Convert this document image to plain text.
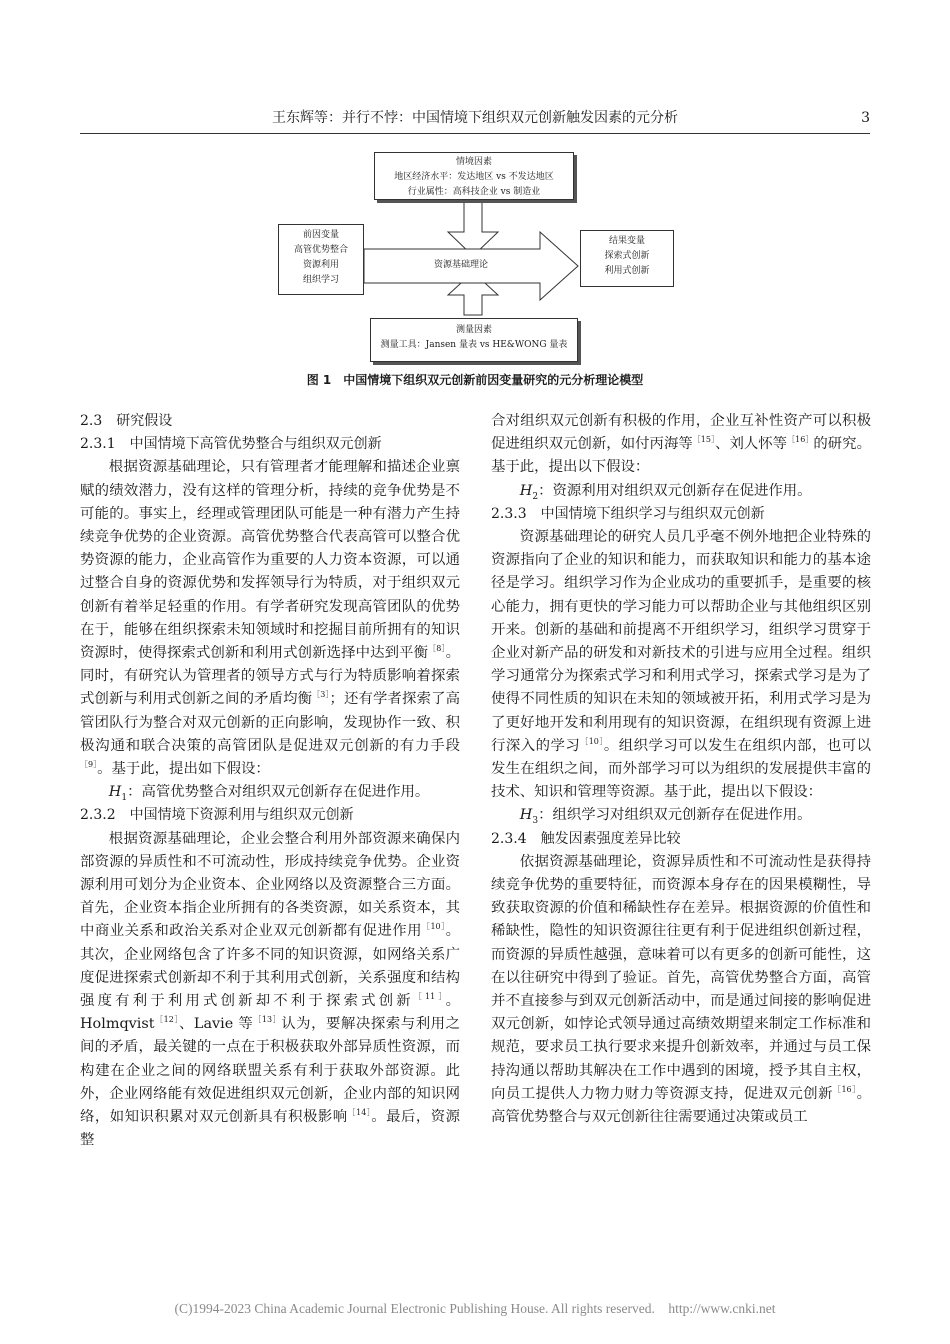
王东辉等：并行不悖：中国情境下组织双元创新触发因素的元分析	3
情境因素
地区经济水平：发达地区 vs 不发达地区
行业属性：高科技企业 vs 制造业
前因变量
高管优势整合
资源利用
组织学习
资源基础理论
结果变量
探索式创新
利用式创新
测量因素
测量工具：Jansen 量表 vs HE&WONG 量表
图 1　中国情境下组织双元创新前因变量研究的元分析理论模型

2.3　研究假设

2.3.1　中国情境下高管优势整合与组织双元创新

根据资源基础理论，只有管理者才能理解和描述企业禀赋的绩效潜力，没有这样的管理分析，持续的竞争优势是不可能的。事实上，经理或管理团队可能是一种有潜力产生持续竞争优势的企业资源。高管优势整合代表高管可以整合优势资源的能力，企业高管作为重要的人力资本资源，可以通过整合自身的资源优势和发挥领导行为特质，对于组织双元创新有着举足轻重的作用。有学者研究发现高管团队的优势在于，能够在组织探索未知领域时和挖掘目前所拥有的知识资源时，使得探索式创新和利用式创新选择中达到平衡$^{[8]}$。同时，有研究认为管理者的领导方式与行为特质影响着探索式创新与利用式创新之间的矛盾均衡$^{[3]}$；还有学者探索了高管团队行为整合对双元创新的正向影响，发现协作一致、积极沟通和联合决策的高管团队是促进双元创新的有力手段$^{[9]}$。基于此，提出如下假设：

$H_1$：高管优势整合对组织双元创新存在促进作用。

2.3.2　中国情境下资源利用与组织双元创新

根据资源基础理论，企业会整合利用外部资源来确保内部资源的异质性和不可流动性，形成持续竞争优势。企业资源利用可划分为企业资本、企业网络以及资源整合三方面。首先，企业资本指企业所拥有的各类资源，如关系资本，其中商业关系和政治关系对企业双元创新都有促进作用$^{[10]}$。其次，企业网络包含了许多不同的知识资源，如网络关系广度促进探索式创新却不利于其利用式创新，关系强度和结构强度有利于利用式创新却不利于探索式创新$^{[11]}$。Holmqvist$^{[12]}$、Lavie 等$^{[13]}$认为，要解决探索与利用之间的矛盾，最关键的一点在于积极获取外部异质性资源，而构建在企业之间的网络联盟关系有利于获取外部资源。此外，企业网络能有效促进组织双元创新，企业内部的知识网络，如知识积累对双元创新具有积极影响$^{[14]}$。最后，资源整

合对组织双元创新有积极的作用，企业互补性资产可以积极促进组织双元创新，如付丙海等$^{[15]}$、刘人怀等$^{[16]}$的研究。基于此，提出以下假设：

$H_2$：资源利用对组织双元创新存在促进作用。

2.3.3　中国情境下组织学习与组织双元创新

资源基础理论的研究人员几乎毫不例外地把企业特殊的资源指向了企业的知识和能力，而获取知识和能力的基本途径是学习。组织学习作为企业成功的重要抓手，是重要的核心能力，拥有更快的学习能力可以帮助企业与其他组织区别开来。创新的基础和前提离不开组织学习，组织学习贯穿于企业对新产品的研发和对新技术的引进与应用全过程。组织学习通常分为探索式学习和利用式学习，探索式学习是为了使得不同性质的知识在未知的领域被开拓，利用式学习是为了更好地开发和利用现有的知识资源，在组织现有资源上进行深入的学习$^{[10]}$。组织学习可以发生在组织内部，也可以发生在组织之间，而外部学习可以为组织的发展提供丰富的技术、知识和管理等资源。基于此，提出以下假设：

$H_3$：组织学习对组织双元创新存在促进作用。

2.3.4　触发因素强度差异比较

依据资源基础理论，资源异质性和不可流动性是获得持续竞争优势的重要特征，而资源本身存在的因果模糊性，导致获取资源的价值和稀缺性存在差异。根据资源的价值性和稀缺性，隐性的知识资源往往更有利于促进组织创新过程，而资源的异质性越强，意味着可以有更多的创新可能性，这在以往研究中得到了验证。首先，高管优势整合方面，高管并不直接参与到双元创新活动中，而是通过间接的影响促进双元创新，如悖论式领导通过高绩效期望来制定工作标准和规范，要求员工执行要求来提升创新效率，并通过与员工保持沟通以帮助其解决在工作中遇到的困境，授予其自主权，向员工提供人力物力财力等资源支持，促进双元创新$^{[16]}$。高管优势整合与双元创新往往需要通过决策或员工

(C)1994-2023 China Academic Journal Electronic Publishing House. All rights reserved.　http://www.cnki.net
